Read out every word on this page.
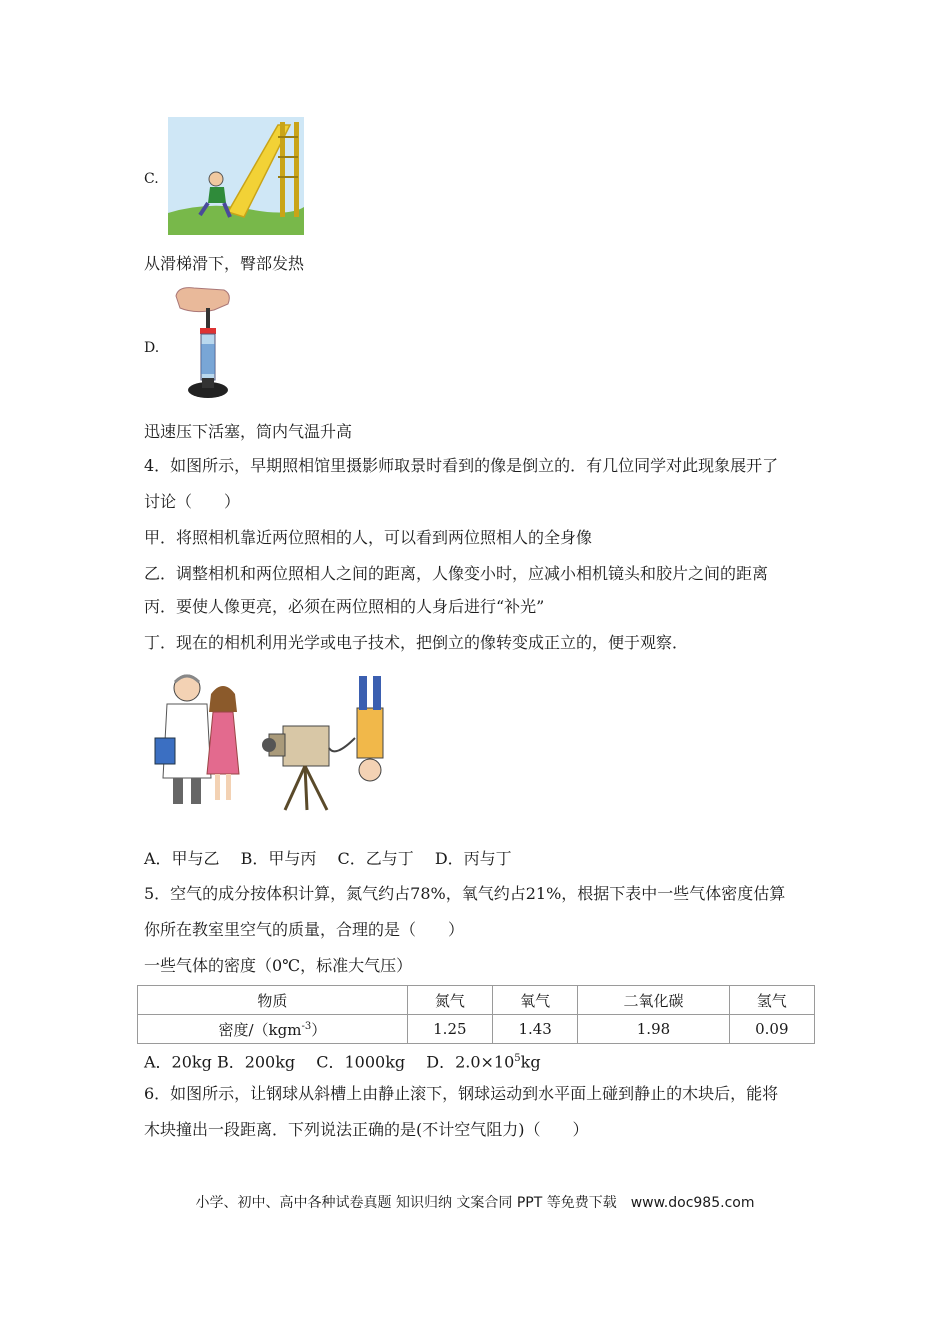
C.
从滑梯滑下，臀部发热
D.
迅速压下活塞，筒内气温升高
4．如图所示，早期照相馆里摄影师取景时看到的像是倒立的．有几位同学对此现象展开了
讨论（　　）
甲．将照相机靠近两位照相的人，可以看到两位照相人的全身像
乙．调整相机和两位照相人之间的距离，人像变小时，应减小相机镜头和胶片之间的距离
丙．要使人像更亮，必须在两位照相的人身后进行“补光”
丁．现在的相机利用光学或电子技术，把倒立的像转变成正立的，便于观察．
A．甲与乙　 B．甲与丙　 C．乙与丁　 D．丙与丁
5．空气的成分按体积计算，氮气约占78%，氧气约占21%，根据下表中一些气体密度估算
你所在教室里空气的质量，合理的是（　　）
一些气体的密度（0℃，标准大气压）
物质	氮气	氧气	二氧化碳	氢气
密度/（kgm$^{-3}$）	1.25	1.43	1.98	0.09
A．20kg B．200kg　 C．1000kg　 D．$2.0\times 10^5kg$
6．如图所示，让钢球从斜槽上由静止滚下，钢球运动到水平面上碰到静止的木块后，能将
木块撞出一段距离．下列说法正确的是(不计空气阻力)（　　）
小学、初中、高中各种试卷真题 知识归纳 文案合同 PPT 等免费下载　www.doc985.com
